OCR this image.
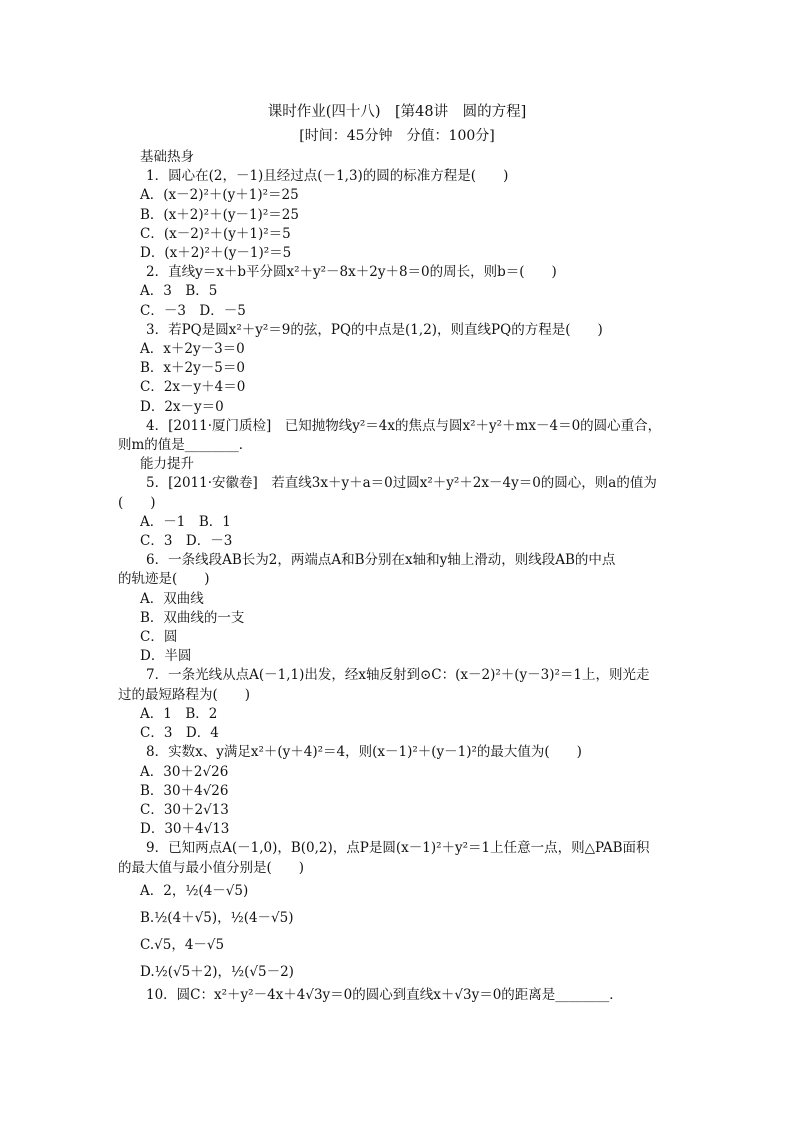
课时作业(四十八)　[第48讲　圆的方程]
[时间：45分钟　分值：100分]
基础热身
1．圆心在(2，－1)且经过点(－1,3)的圆的标准方程是(　　)
A．(x－2)²＋(y＋1)²＝25
B．(x＋2)²＋(y－1)²＝25
C．(x－2)²＋(y＋1)²＝5
D．(x＋2)²＋(y－1)²＝5
2．直线y＝x＋b平分圆x²＋y²－8x＋2y＋8＝0的周长，则b＝(　　)
A．3　B．5
C．－3　D．－5
3．若PQ是圆x²＋y²＝9的弦，PQ的中点是(1,2)，则直线PQ的方程是(　　)
A．x＋2y－3＝0
B．x＋2y－5＝0
C．2x－y＋4＝0
D．2x－y＝0
4．[2011·厦门质检]　已知抛物线y²＝4x的焦点与圆x²＋y²＋mx－4＝0的圆心重合，
则m的值是________．
能力提升
5．[2011·安徽卷]　若直线3x＋y＋a＝0过圆x²＋y²＋2x－4y＝0的圆心，则a的值为
(　　)
A．－1　B．1
C．3　D．－3
6．一条线段AB长为2，两端点A和B分别在x轴和y轴上滑动，则线段AB的中点
的轨迹是(　　)
A．双曲线
B．双曲线的一支
C．圆
D．半圆
7．一条光线从点A(－1,1)出发，经x轴反射到⊙C：(x－2)²＋(y－3)²＝1上，则光走
过的最短路程为(　　)
A．1　B．2
C．3　D．4
8．实数x、y满足x²＋(y＋4)²＝4，则(x－1)²＋(y－1)²的最大值为(　　)
A．30＋2√26
B．30＋4√26
C．30＋2√13
D．30＋4√13
9．已知两点A(－1,0)，B(0,2)，点P是圆(x－1)²＋y²＝1上任意一点，则△PAB面积
的最大值与最小值分别是(　　)
A．2，½(4－√5)
B.½(4＋√5)，½(4－√5)
C.√5，4－√5
D.½(√5＋2)，½(√5－2)
10．圆C：x²＋y²－4x＋4√3y＝0的圆心到直线x＋√3y＝0的距离是________．
